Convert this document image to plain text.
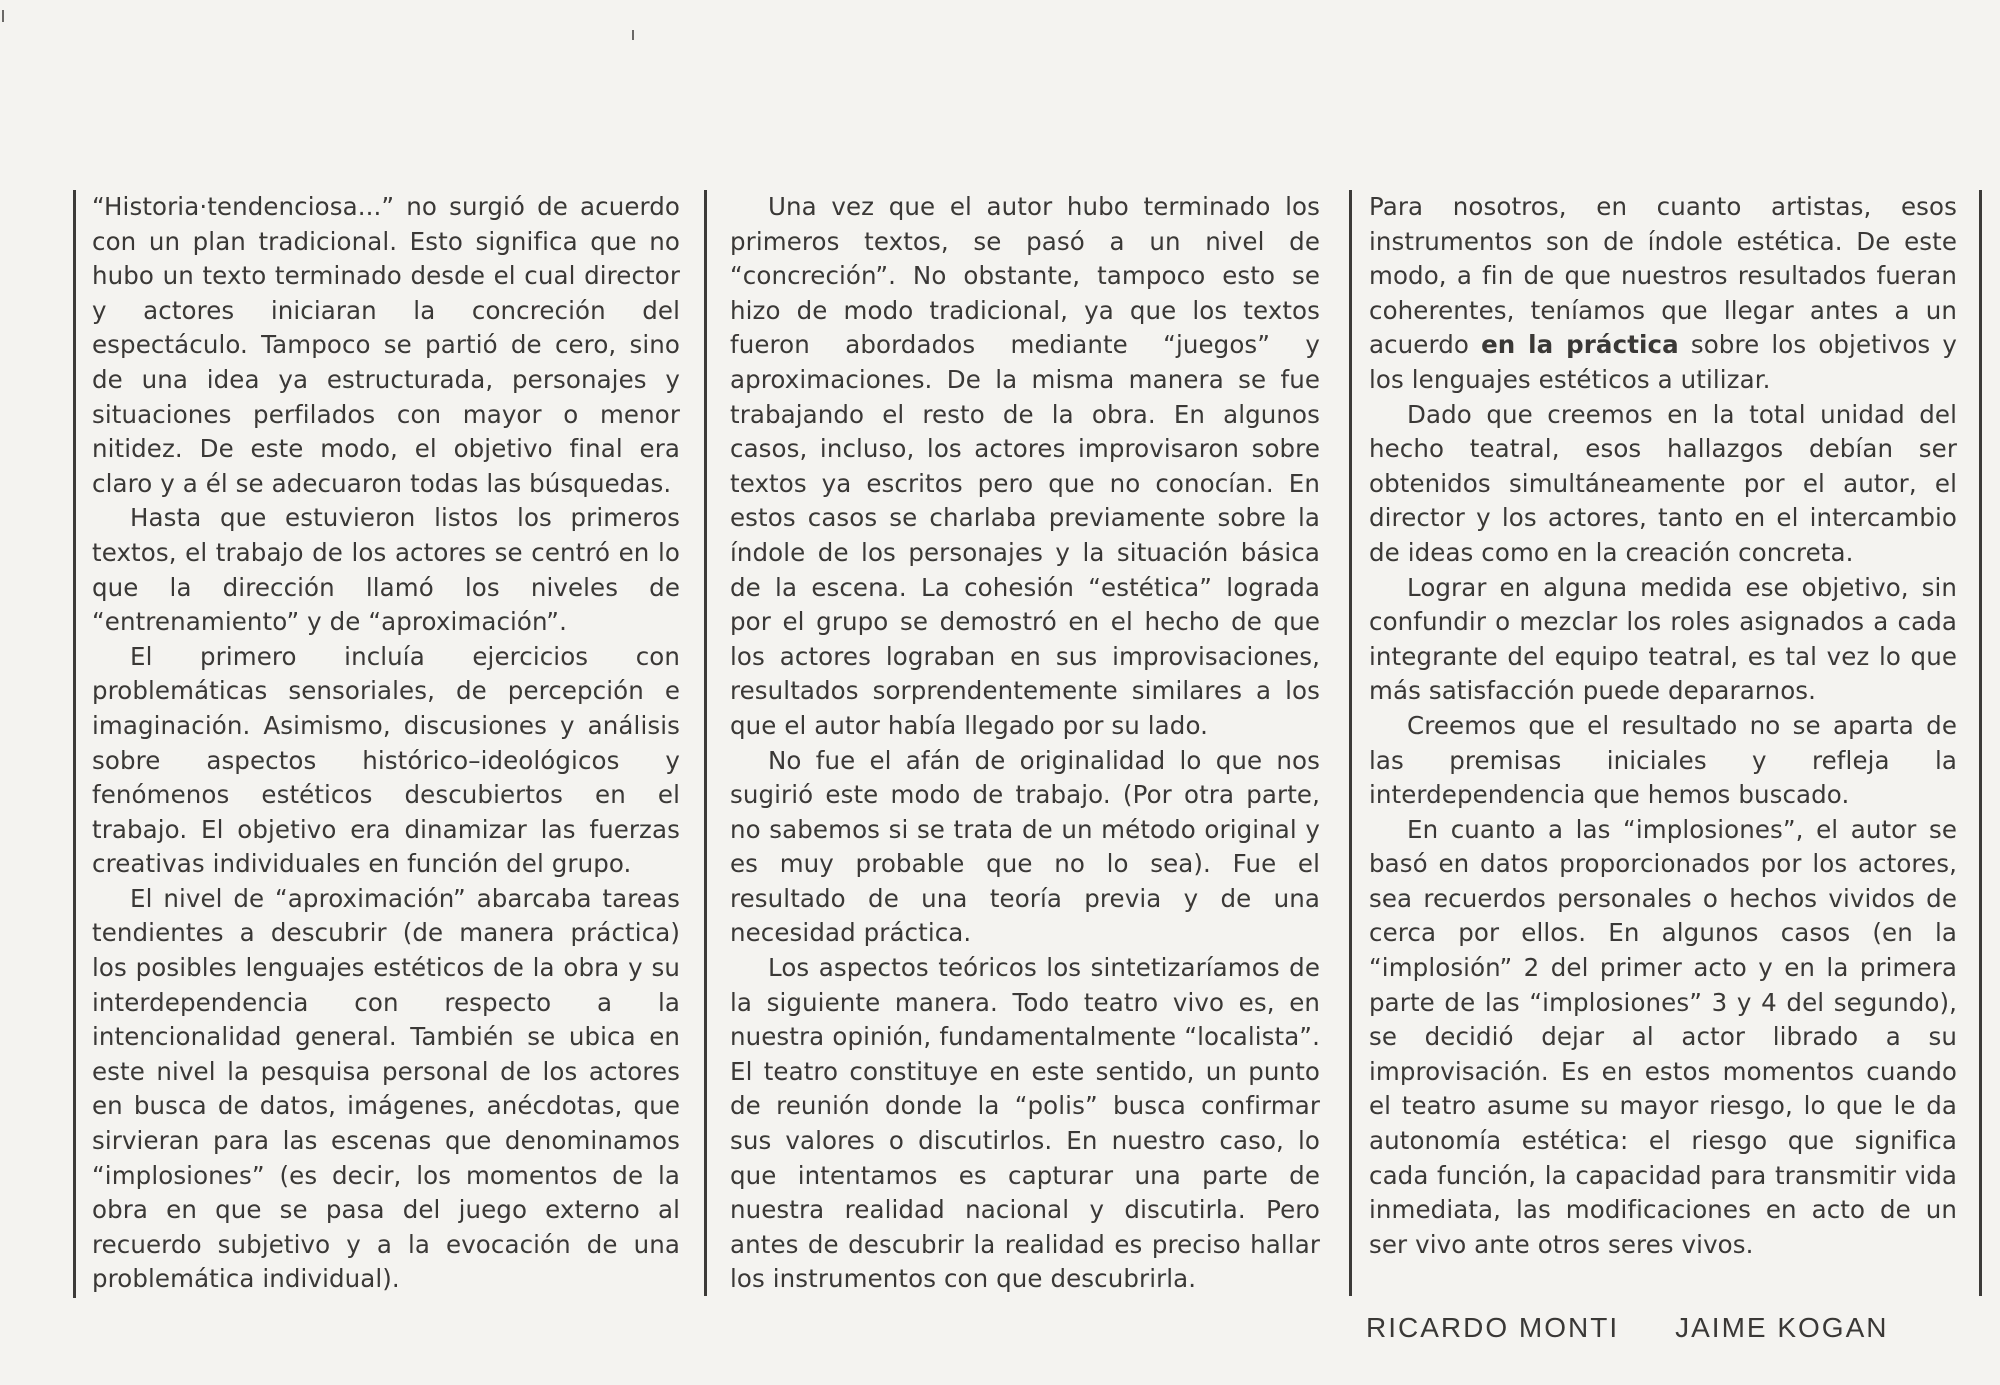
“Historia·tendenciosa...” no surgió de acuerdo con un plan tradicional. Esto significa que no hubo un texto terminado desde el cual director y actores iniciaran la concreción del espectáculo. Tampoco se partió de cero, sino de una idea ya estructurada, personajes y situaciones perfilados con mayor o menor nitidez. De este modo, el objetivo final era claro y a él se adecuaron todas las búsquedas.

Hasta que estuvieron listos los primeros textos, el trabajo de los actores se centró en lo que la dirección llamó los niveles de “entrenamiento” y de “aproximación”.

El primero incluía ejercicios con problemáticas sensoriales, de percepción e imaginación. Asimismo, discusiones y análisis sobre aspectos histórico–ideológicos y fenómenos estéticos descubiertos en el trabajo. El objetivo era dinamizar las fuerzas creativas individuales en función del grupo.

El nivel de “aproximación” abarcaba tareas tendientes a descubrir (de manera práctica) los posibles lenguajes estéticos de la obra y su interdependencia con respecto a la intencionalidad general. También se ubica en este nivel la pesquisa personal de los actores en busca de datos, imágenes, anécdotas, que sirvieran para las escenas que denominamos “implosiones” (es decir, los momentos de la obra en que se pasa del juego externo al recuerdo subjetivo y a la evocación de una problemática individual).

Una vez que el autor hubo terminado los primeros textos, se pasó a un nivel de “concreción”. No obstante, tampoco esto se hizo de modo tradicional, ya que los textos fueron abordados mediante “juegos” y aproximaciones. De la misma manera se fue trabajando el resto de la obra. En algunos casos, incluso, los actores improvisaron sobre textos ya escritos pero que no conocían. En estos casos se charlaba previamente sobre la índole de los personajes y la situación básica de la escena. La cohesión “estética” lograda por el grupo se demostró en el hecho de que los actores lograban en sus improvisaciones, resultados sorprendentemente similares a los que el autor había llegado por su lado.

No fue el afán de originalidad lo que nos sugirió este modo de trabajo. (Por otra parte, no sabemos si se trata de un método original y es muy probable que no lo sea). Fue el resultado de una teoría previa y de una necesidad práctica.

Los aspectos teóricos los sintetizaríamos de la siguiente manera. Todo teatro vivo es, en nuestra opinión, fundamentalmente “localista”. El teatro constituye en este sentido, un punto de reunión donde la “polis” busca confirmar sus valores o discutirlos. En nuestro caso, lo que intentamos es capturar una parte de nuestra realidad nacional y discutirla. Pero antes de descubrir la realidad es preciso hallar los instrumentos con que descubrirla.

Para nosotros, en cuanto artistas, esos instrumentos son de índole estética. De este modo, a fin de que nuestros resultados fueran coherentes, teníamos que llegar antes a un acuerdo en la práctica sobre los objetivos y los lenguajes estéticos a utilizar.

Dado que creemos en la total unidad del hecho teatral, esos hallazgos debían ser obtenidos simultáneamente por el autor, el director y los actores, tanto en el intercambio de ideas como en la creación concreta.

Lograr en alguna medida ese objetivo, sin confundir o mezclar los roles asignados a cada integrante del equipo teatral, es tal vez lo que más satisfacción puede depararnos.

Creemos que el resultado no se aparta de las premisas iniciales y refleja la interdependencia que hemos buscado.

En cuanto a las “implosiones”, el autor se basó en datos proporcionados por los actores, sea recuerdos personales o hechos vividos de cerca por ellos. En algunos casos (en la “implosión” 2 del primer acto y en la primera parte de las “implosiones” 3 y 4 del segundo), se decidió dejar al actor librado a su improvisación. Es en estos momentos cuando el teatro asume su mayor riesgo, lo que le da autonomía estética: el riesgo que significa cada función, la capacidad para transmitir vida inmediata, las modificaciones en acto de un ser vivo ante otros seres vivos.

RICARDO MONTI JAIME KOGAN
